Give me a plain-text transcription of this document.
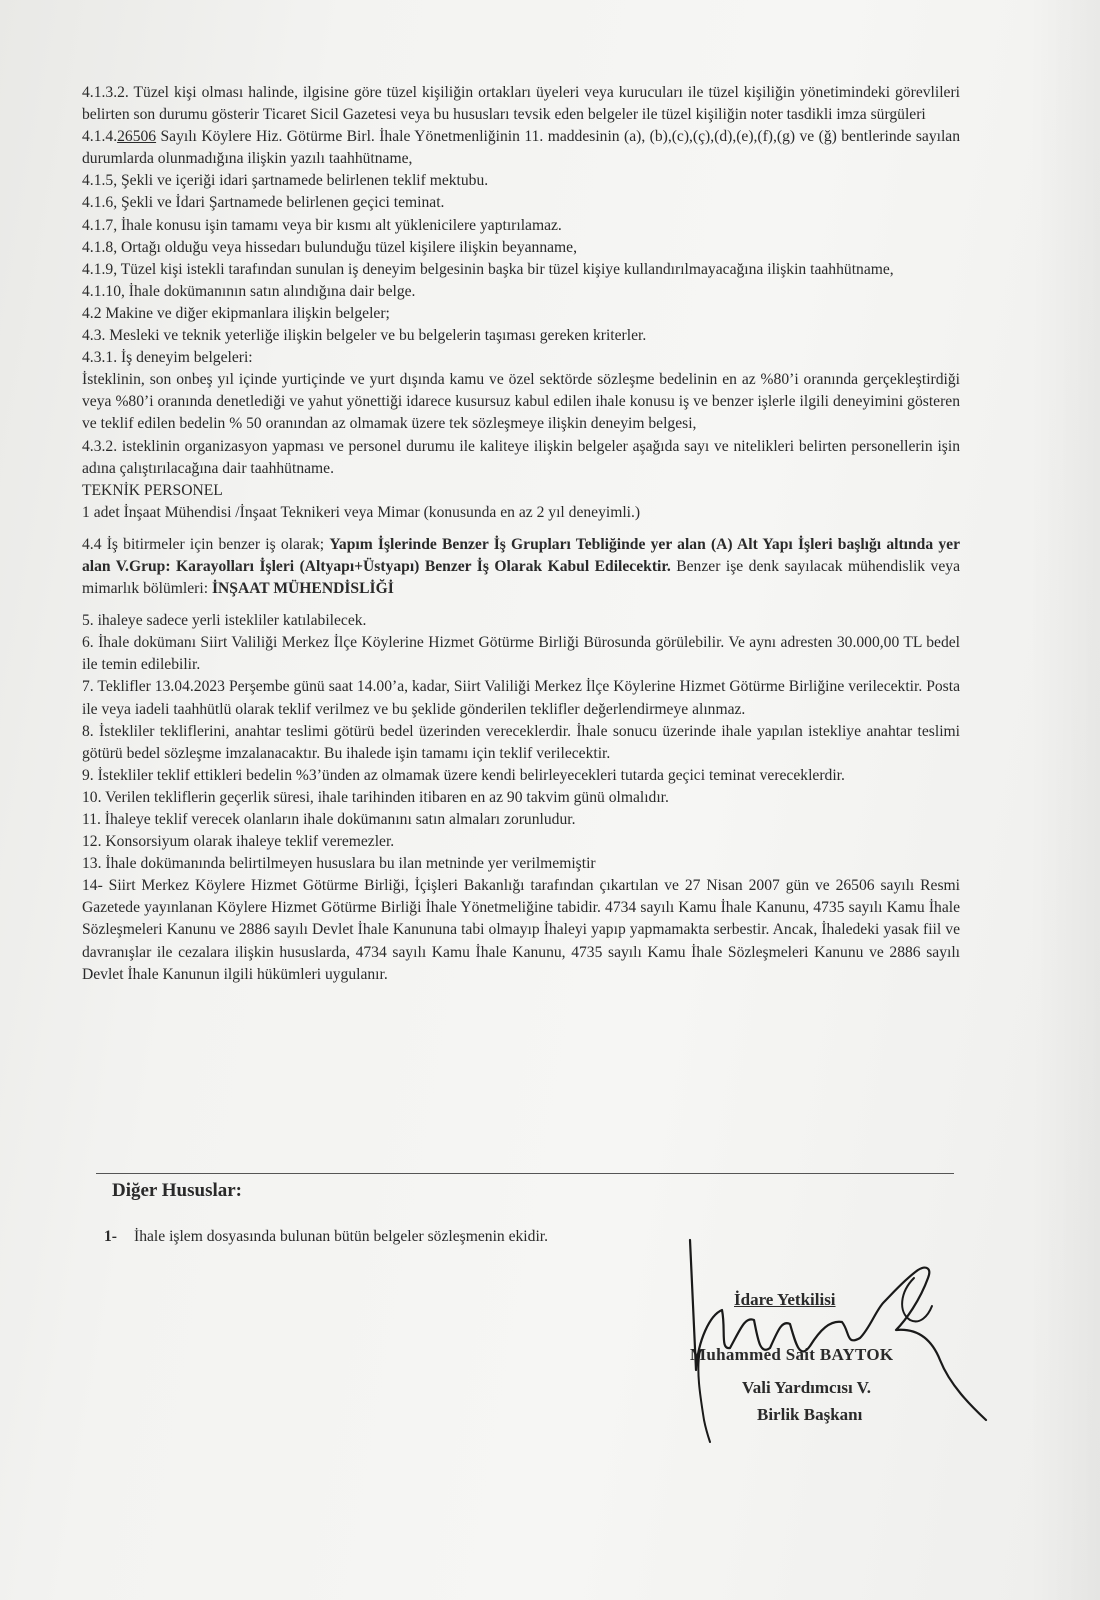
4.1.3.2. Tüzel kişi olması halinde, ilgisine göre tüzel kişiliğin ortakları üyeleri veya kurucuları ile tüzel kişiliğin yönetimindeki görevlileri belirten son durumu gösterir Ticaret Sicil Gazetesi veya bu hususları tevsik eden belgeler ile tüzel kişiliğin noter tasdikli imza sürgüleri

4.1.4.26506 Sayılı Köylere Hiz. Götürme Birl. İhale Yönetmenliğinin 11. maddesinin (a), (b),(c),(ç),(d),(e),(f),(g) ve (ğ) bentlerinde sayılan durumlarda olunmadığına ilişkin yazılı taahhütname,

4.1.5, Şekli ve içeriği idari şartnamede belirlenen teklif mektubu.

4.1.6, Şekli ve İdari Şartnamede belirlenen geçici teminat.

4.1.7, İhale konusu işin tamamı veya bir kısmı alt yüklenicilere yaptırılamaz.

4.1.8, Ortağı olduğu veya hissedarı bulunduğu tüzel kişilere ilişkin beyanname,

4.1.9, Tüzel kişi istekli tarafından sunulan iş deneyim belgesinin başka bir tüzel kişiye kullandırılmayacağına ilişkin taahhütname,

4.1.10, İhale dokümanının satın alındığına dair belge.

4.2 Makine ve diğer ekipmanlara ilişkin belgeler;

4.3. Mesleki ve teknik yeterliğe ilişkin belgeler ve bu belgelerin taşıması gereken kriterler.

4.3.1. İş deneyim belgeleri:

İsteklinin, son onbeş yıl içinde yurtiçinde ve yurt dışında kamu ve özel sektörde sözleşme bedelinin en az %80’i oranında gerçekleştirdiği veya %80’i oranında denetlediği ve yahut yönettiği idarece kusursuz kabul edilen ihale konusu iş ve benzer işlerle ilgili deneyimini gösteren ve teklif edilen bedelin % 50 oranından az olmamak üzere tek sözleşmeye ilişkin deneyim belgesi,

4.3.2. isteklinin organizasyon yapması ve personel durumu ile kaliteye ilişkin belgeler aşağıda sayı ve nitelikleri belirten personellerin işin adına çalıştırılacağına dair taahhütname.

TEKNİK PERSONEL

1 adet İnşaat Mühendisi /İnşaat Teknikeri veya Mimar (konusunda en az 2 yıl deneyimli.)

4.4 İş bitirmeler için benzer iş olarak; Yapım İşlerinde Benzer İş Grupları Tebliğinde yer alan (A) Alt Yapı İşleri başlığı altında yer alan V.Grup: Karayolları İşleri (Altyapı+Üstyapı) Benzer İş Olarak Kabul Edilecektir. Benzer işe denk sayılacak mühendislik veya mimarlık bölümleri: İNŞAAT MÜHENDİSLİĞİ

5. ihaleye sadece yerli istekliler katılabilecek.

6. İhale dokümanı Siirt Valiliği Merkez İlçe Köylerine Hizmet Götürme Birliği Bürosunda görülebilir. Ve aynı adresten 30.000,00 TL bedel ile temin edilebilir.

7. Teklifler 13.04.2023 Perşembe günü saat 14.00’a, kadar, Siirt Valiliği Merkez İlçe Köylerine Hizmet Götürme Birliğine verilecektir. Posta ile veya iadeli taahhütlü olarak teklif verilmez ve bu şeklide gönderilen teklifler değerlendirmeye alınmaz.

8. İstekliler tekliflerini, anahtar teslimi götürü bedel üzerinden vereceklerdir. İhale sonucu üzerinde ihale yapılan istekliye anahtar teslimi götürü bedel sözleşme imzalanacaktır. Bu ihalede işin tamamı için teklif verilecektir.

9. İstekliler teklif ettikleri bedelin %3’ünden az olmamak üzere kendi belirleyecekleri tutarda geçici teminat vereceklerdir.

10. Verilen tekliflerin geçerlik süresi, ihale tarihinden itibaren en az 90 takvim günü olmalıdır.

11. İhaleye teklif verecek olanların ihale dokümanını satın almaları zorunludur.

12. Konsorsiyum olarak ihaleye teklif veremezler.

13. İhale dokümanında belirtilmeyen hususlara bu ilan metninde yer verilmemiştir

14- Siirt Merkez Köylere Hizmet Götürme Birliği, İçişleri Bakanlığı tarafından çıkartılan ve 27 Nisan 2007 gün ve 26506 sayılı Resmi Gazetede yayınlanan Köylere Hizmet Götürme Birliği İhale Yönetmeliğine tabidir. 4734 sayılı Kamu İhale Kanunu, 4735 sayılı Kamu İhale Sözleşmeleri Kanunu ve 2886 sayılı Devlet İhale Kanununa tabi olmayıp İhaleyi yapıp yapmamakta serbestir. Ancak, İhaledeki yasak fiil ve davranışlar ile cezalara ilişkin hususlarda, 4734 sayılı Kamu İhale Kanunu, 4735 sayılı Kamu İhale Sözleşmeleri Kanunu ve 2886 sayılı Devlet İhale Kanunun ilgili hükümleri uygulanır.

Diğer Hususlar:
1- İhale işlem dosyasında bulunan bütün belgeler sözleşmenin ekidir.
İdare Yetkilisi
Muhammed Sait BAYTOK
Vali Yardımcısı V.
Birlik Başkanı
